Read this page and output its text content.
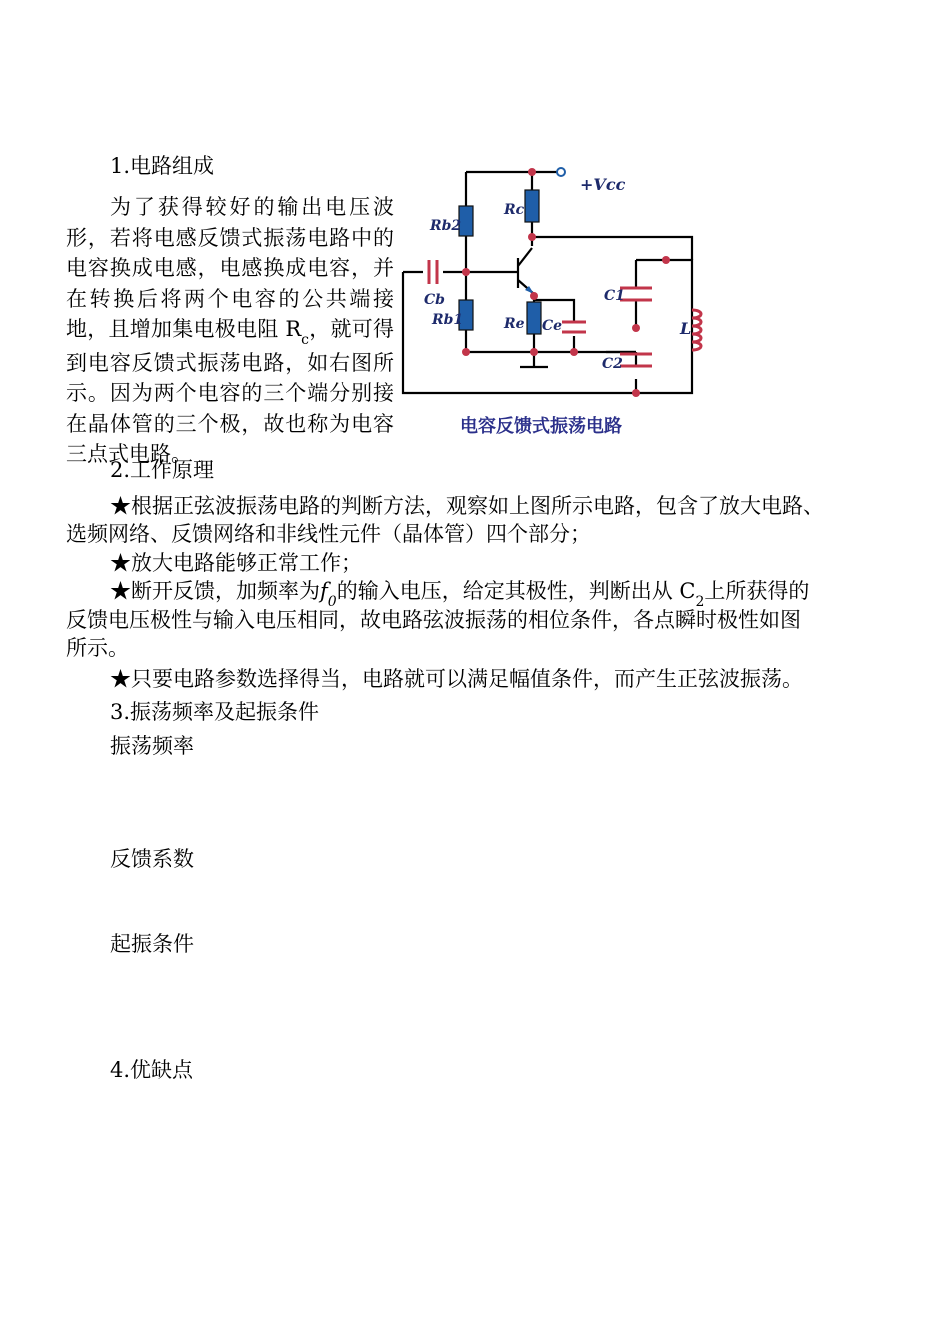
1.电路组成
为了获得较好的输出电压波
形，若将电感反馈式振荡电路中的
电容换成电感，电感换成电容，并
在转换后将两个电容的公共端接
地，且增加集电极电阻 $R_c$，就可得
到电容反馈式振荡电路，如右图所
示。因为两个电容的三个端分别接
在晶体管的三个极，故也称为电容
三点式电路。
+Vcc
Rb2
Rb1
Rc
Re
Cb
Ce
C1
C2
L
电容反馈式振荡电路
2.工作原理
★根据正弦波振荡电路的判断方法，观察如上图所示电路，包含了放大电路、
选频网络、反馈网络和非线性元件（晶体管）四个部分；
★放大电路能够正常工作；
★断开反馈，加频率为$f_0$的输入电压，给定其极性，判断出从 $C_2$上所获得的
反馈电压极性与输入电压相同，故电路弦波振荡的相位条件，各点瞬时极性如图
所示。
★只要电路参数选择得当，电路就可以满足幅值条件，而产生正弦波振荡。
3.振荡频率及起振条件
振荡频率
反馈系数
起振条件
4.优缺点
